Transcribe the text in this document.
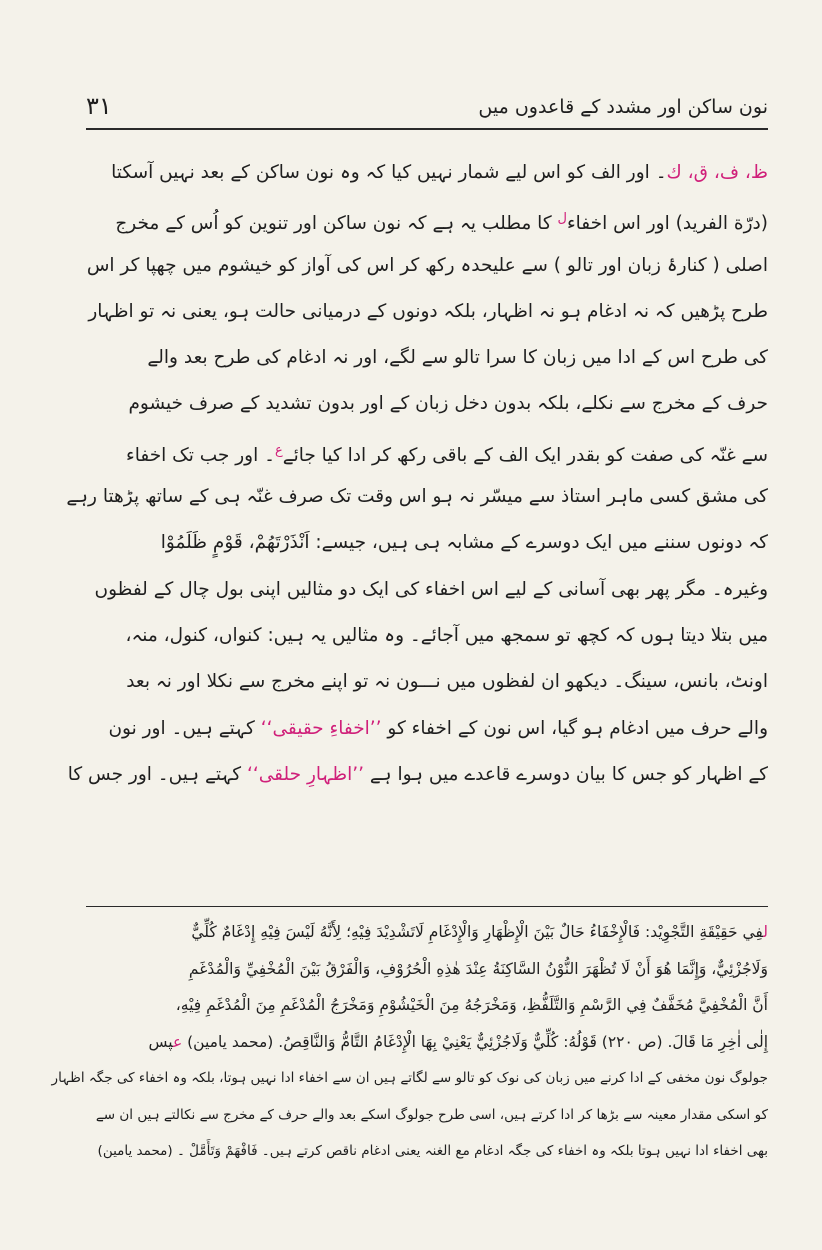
نون ساکن اور مشدد کے قاعدوں میں
۳۱
ظ، ف، ق، ك۔ اور الف کو اس لیے شمار نہیں کیا کہ وہ نون ساکن کے بعد نہیں آسکتا
(درّة الفرید) اور اس اخفاء$^ل$ کا مطلب یہ ہے کہ نون ساکن اور تنوین کو اُس کے مخرج
اصلی ( کنارۂ زبان اور تالو ) سے علیحدہ رکھ کر اس کی آواز کو خیشوم میں چھپا کر اس
طرح پڑھیں کہ نہ ادغام ہو نہ اظہار، بلکہ دونوں کے درمیانی حالت ہو، یعنی نہ تو اظہار
کی طرح اس کے ادا میں زبان کا سرا تالو سے لگے، اور نہ ادغام کی طرح بعد والے
حرف کے مخرج سے نکلے، بلکہ بدون دخل زبان کے اور بدون تشدید کے صرف خیشوم
سے غنّہ کی صفت کو بقدر ایک الف کے باقی رکھ کر ادا کیا جائے$^ع$۔ اور جب تک اخفاء
کی مشق کسی ماہر استاذ سے میسّر نہ ہو اس وقت تک صرف غنّہ ہی کے ساتھ پڑھتا رہے
کہ دونوں سننے میں ایک دوسرے کے مشابہ ہی ہیں، جیسے: اَنْذَرْتَهُمْ، قَوْمٍ ظَلَمُوْا
وغیرہ۔ مگر پھر بھی آسانی کے لیے اس اخفاء کی ایک دو مثالیں اپنی بول چال کے لفظوں
میں بتلا دیتا ہوں کہ کچھ تو سمجھ میں آجائے۔ وہ مثالیں یہ ہیں: کنواں، کنول، منہ،
اونٹ، بانس، سینگ۔ دیکھو ان لفظوں میں نـــون نہ تو اپنے مخرج سے نکلا اور نہ بعد
والے حرف میں ادغام ہو گیا، اس نون کے اخفاء کو ’’اخفاءِ حقیقی‘‘ کہتے ہیں۔ اور نون
کے اظہار کو جس کا بیان دوسرے قاعدے میں ہوا ہے ’’اظہارِ حلقی‘‘ کہتے ہیں۔ اور جس کا
لفِي حَقِيْقَةِ التَّجْوِيْد: فَالْإِخْفَاءُ حَالٌ بَيْنَ الْإِظْهَارِ وَالْإِدْغَامِ لَاتَشْدِيْدَ فِيْهِ؛ لِأَنَّهُ لَيْسَ فِيْهِ إِدْغَامٌ كُلِّيٌّ
وَلَاجُزْئِيٌّ، وَإِنَّمَا هُوَ أَنْ لَا تُظْهَرَ النُّوْنُ السَّاكِنَةُ عِنْدَ هٰذِهِ الْحُرُوْفِ، وَالْفَرْقُ بَيْنَ الْمُخْفِيِّ وَالْمُدْغَمِ
أَنَّ الْمُخْفِيَّ مُخَفَّفٌ فِي الرَّسْمِ وَالتَّلَفُّظِ، وَمَخْرَجُهُ مِنَ الْخَيْشُوْمِ وَمَخْرَجُ الْمُدْغَمِ مِنَ الْمُدْغَمِ فِيْهِ،
إِلٰى اٰخِرِ مَا قَالَ. (ص ۲۲۰) قَوْلُهُ: كُلِّيٌّ وَلَاجُزْئِيٌّ يَعْنِيْ بِهَا الْإِدْغَامُ التَّامُّ وَالنَّاقِصُ. (محمد یامین) عپس
جولوگ نون مخفی کے ادا کرنے میں زبان کی نوک کو تالو سے لگاتے ہیں ان سے اخفاء ادا نہیں ہوتا، بلکہ وہ اخفاء کی جگہ اظہار
کو اسکی مقدار معینہ سے بڑھا کر ادا کرتے ہیں، اسی طرح جولوگ اسکے بعد والے حرف کے مخرج سے نکالتے ہیں ان سے
بھی اخفاء ادا نہیں ہوتا بلکہ وہ اخفاء کی جگہ ادغام مع الغنہ یعنی ادغام ناقص کرتے ہیں۔ فَافْهَمْ وَتَأَمَّلْ ۔ (محمد یامین)
